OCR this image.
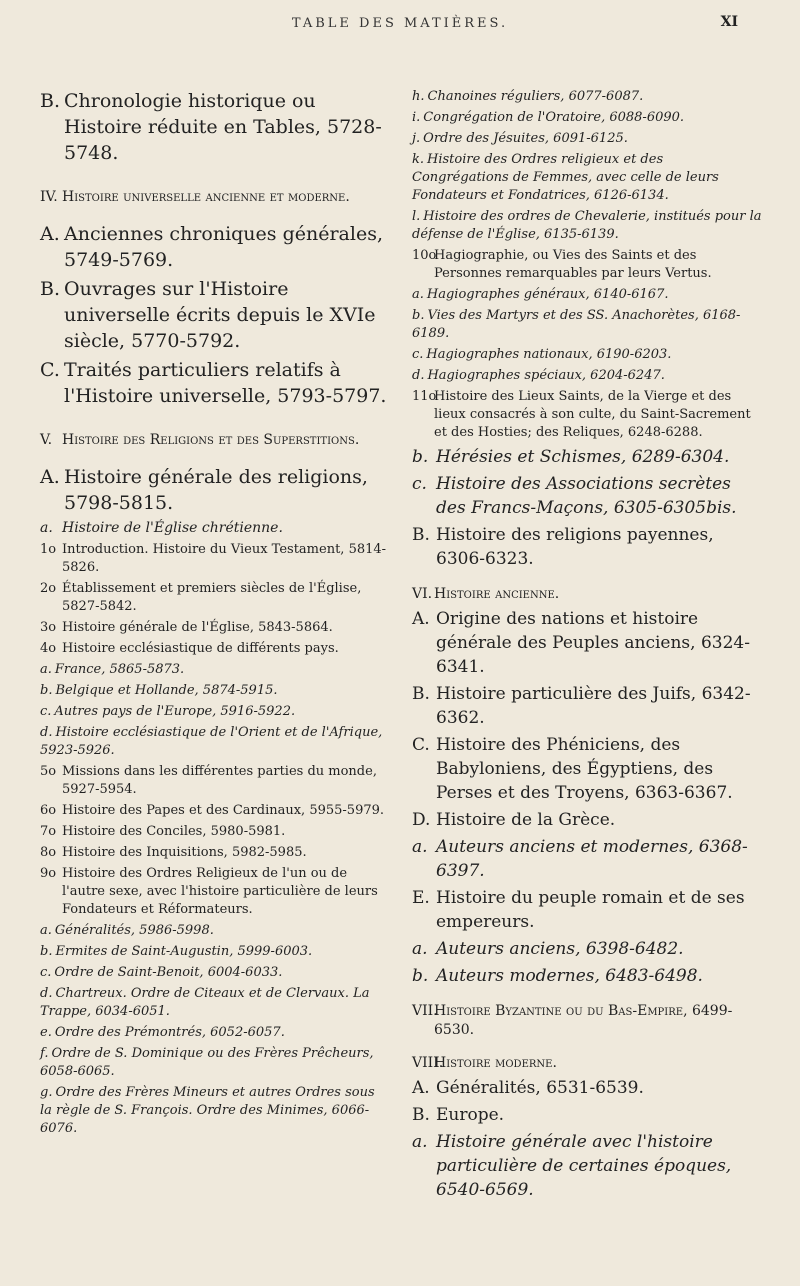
TABLE DES MATIÈRES.	XI
B. Chronologie historique ou Histoire réduite en Tables, 5728-5748.
IV. Histoire universelle ancienne et moderne.
A. Anciennes chroniques générales, 5749-5769.
B. Ouvrages sur l'Histoire universelle écrits depuis le XVIe siècle, 5770-5792.
C. Traités particuliers relatifs à l'Histoire universelle, 5793-5797.
V. Histoire des Religions et des Superstitions.
A. Histoire générale des religions, 5798-5815.
a. Histoire de l'Église chrétienne.
1o Introduction. Histoire du Vieux Testament, 5814-5826.
2o Établissement et premiers siècles de l'Église, 5827-5842.
3o Histoire générale de l'Église, 5843-5864.
4o Histoire ecclésiastique de différents pays.
a. France, 5865-5873.
b. Belgique et Hollande, 5874-5915.
c. Autres pays de l'Europe, 5916-5922.
d. Histoire ecclésiastique de l'Orient et de l'Afrique, 5923-5926.
5o Missions dans les différentes parties du monde, 5927-5954.
6o Histoire des Papes et des Cardinaux, 5955-5979.
7o Histoire des Conciles, 5980-5981.
8o Histoire des Inquisitions, 5982-5985.
9o Histoire des Ordres Religieux de l'un ou de l'autre sexe, avec l'histoire particulière de leurs Fondateurs et Réformateurs.
a. Généralités, 5986-5998.
b. Ermites de Saint-Augustin, 5999-6003.
c. Ordre de Saint-Benoit, 6004-6033.
d. Chartreux. Ordre de Citeaux et de Clervaux. La Trappe, 6034-6051.
e. Ordre des Prémontrés, 6052-6057.
f. Ordre de S. Dominique ou des Frères Prêcheurs, 6058-6065.
g. Ordre des Frères Mineurs et autres Ordres sous la règle de S. François. Ordre des Minimes, 6066-6076.
h. Chanoines réguliers, 6077-6087.
i. Congrégation de l'Oratoire, 6088-6090.
j. Ordre des Jésuites, 6091-6125.
k. Histoire des Ordres religieux et des Congrégations de Femmes, avec celle de leurs Fondateurs et Fondatrices, 6126-6134.
l. Histoire des ordres de Chevalerie, institués pour la défense de l'Église, 6135-6139.
10o
Hagiographie, ou Vies des Saints et des Personnes remarquables par leurs Vertus.
a. Hagiographes généraux, 6140-6167.
b. Vies des Martyrs et des SS. Anachorètes, 6168-6189.
c. Hagiographes nationaux, 6190-6203.
d. Hagiographes spéciaux, 6204-6247.
11o
Histoire des Lieux Saints, de la Vierge et des lieux consacrés à son culte, du Saint-Sacrement et des Hosties; des Reliques, 6248-6288.
b. Hérésies et Schismes, 6289-6304.
c. Histoire des Associations secrètes des Francs-Maçons, 6305-6305bis.
B. Histoire des religions payennes, 6306-6323.
VI. Histoire ancienne.
A. Origine des nations et histoire générale des Peuples anciens, 6324-6341.
B. Histoire particulière des Juifs, 6342-6362.
C. Histoire des Phéniciens, des Babyloniens, des Égyptiens, des Perses et des Troyens, 6363-6367.
D. Histoire de la Grèce.
a. Auteurs anciens et modernes, 6368-6397.
E. Histoire du peuple romain et de ses empereurs.
a. Auteurs anciens, 6398-6482.
b. Auteurs modernes, 6483-6498.
VII.
Histoire Byzantine ou du Bas-Empire, 6499-6530.
VIII.
Histoire moderne.
A. Généralités, 6531-6539.
B. Europe.
a. Histoire générale avec l'histoire particulière de certaines époques, 6540-6569.
